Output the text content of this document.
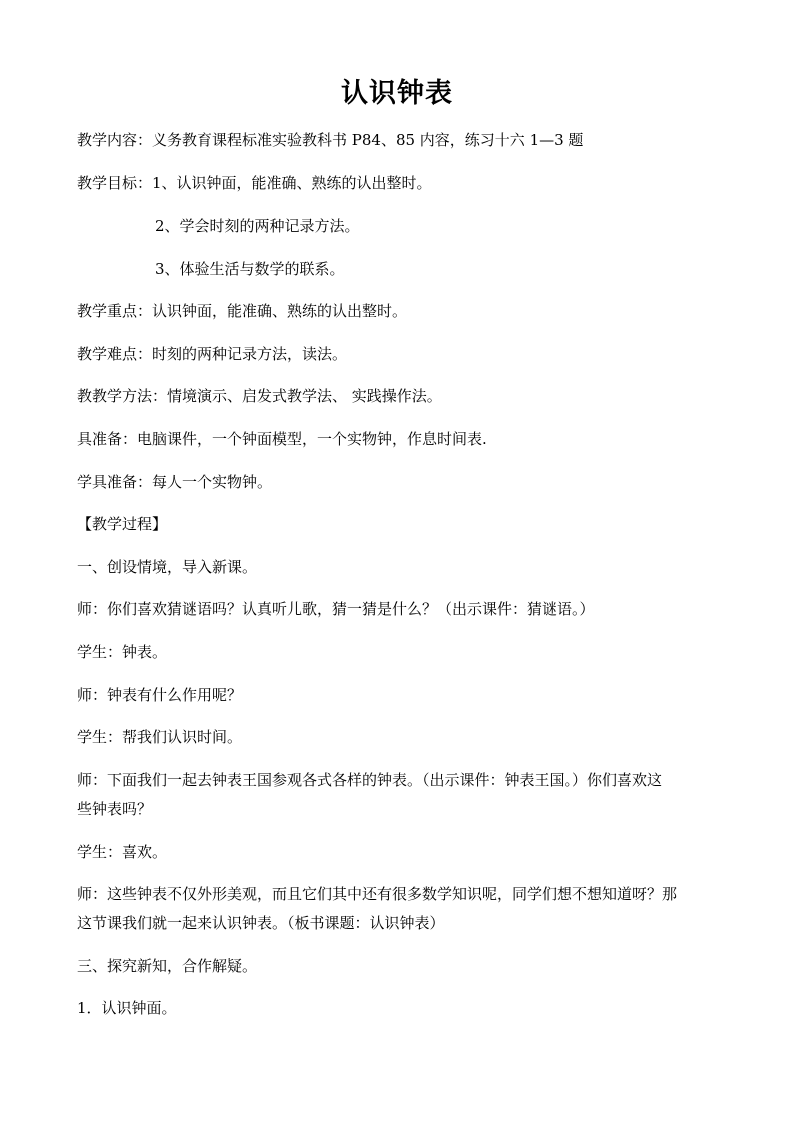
认识钟表
教学内容：义务教育课程标准实验教科书 P84、85 内容，练习十六 1—3 题
教学目标：1、认识钟面，能准确、熟练的认出整时。
2、学会时刻的两种记录方法。
3、体验生活与数学的联系。
教学重点：认识钟面，能准确、熟练的认出整时。
教学难点：时刻的两种记录方法，读法。
教教学方法：情境演示、启发式教学法、 实践操作法。
具准备：电脑课件，一个钟面模型，一个实物钟，作息时间表.
学具准备：每人一个实物钟。
【教学过程】
一、创设情境，导入新课。
师：你们喜欢猜谜语吗？认真听儿歌，猜一猜是什么？（出示课件：猜谜语。）
学生：钟表。
师：钟表有什么作用呢？
学生：帮我们认识时间。
师：下面我们一起去钟表王国参观各式各样的钟表。（出示课件：钟表王国。）你们喜欢这
些钟表吗？
学生：喜欢。
师：这些钟表不仅外形美观，而且它们其中还有很多数学知识呢，同学们想不想知道呀？那
这节课我们就一起来认识钟表。（板书课题：认识钟表）
三、探究新知，合作解疑。
1．认识钟面。
